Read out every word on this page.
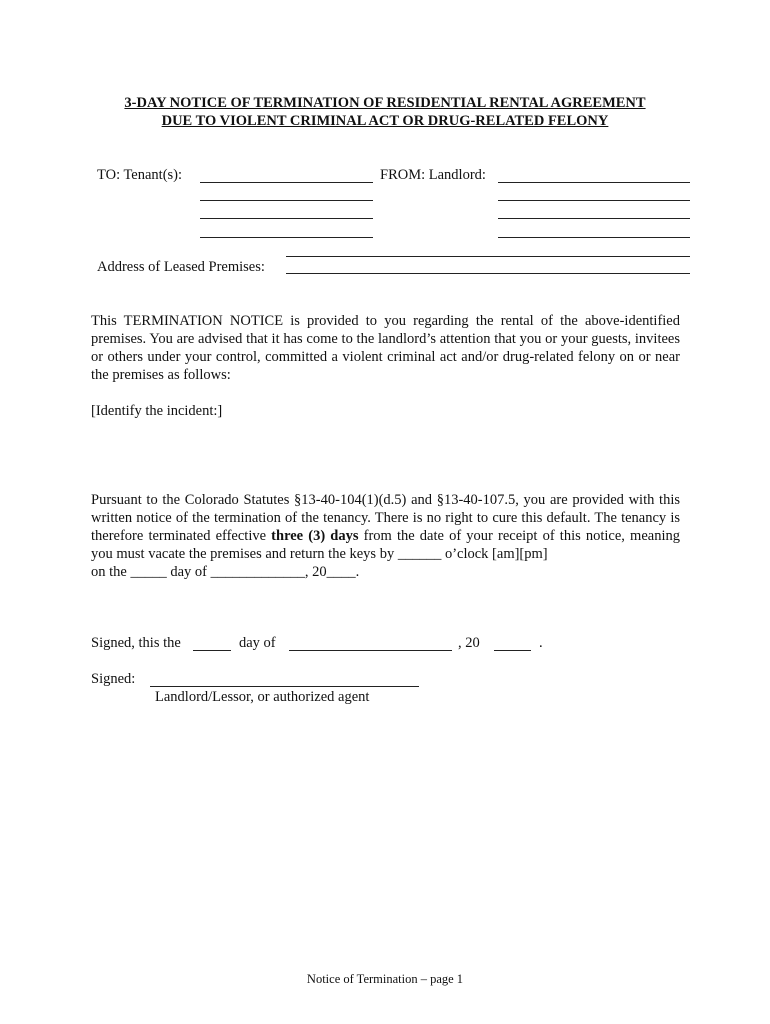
3-DAY NOTICE OF TERMINATION OF RESIDENTIAL RENTAL AGREEMENT
DUE TO VIOLENT CRIMINAL ACT OR DRUG-RELATED FELONY
TO: Tenant(s):	FROM: Landlord:
Address of Leased Premises:
This TERMINATION NOTICE is provided to you regarding the rental of the above-identified premises. You are advised that it has come to the landlord’s attention that you or your guests, invitees or others under your control, committed a violent criminal act and/or drug-related felony on or near the premises as follows:
[Identify the incident:]
Pursuant to the Colorado Statutes §13-40-104(1)(d.5) and §13-40-107.5, you are provided with this written notice of the termination of the tenancy. There is no right to cure this default. The tenancy is therefore terminated effective three (3) days from the date of your receipt of this notice, meaning you must vacate the premises and return the keys by ______ o’clock [am][pm]
on the _____ day of _____________, 20____.
Signed, this the	day of	, 20	.
Signed:
Landlord/Lessor, or authorized agent
Notice of Termination – page 1
